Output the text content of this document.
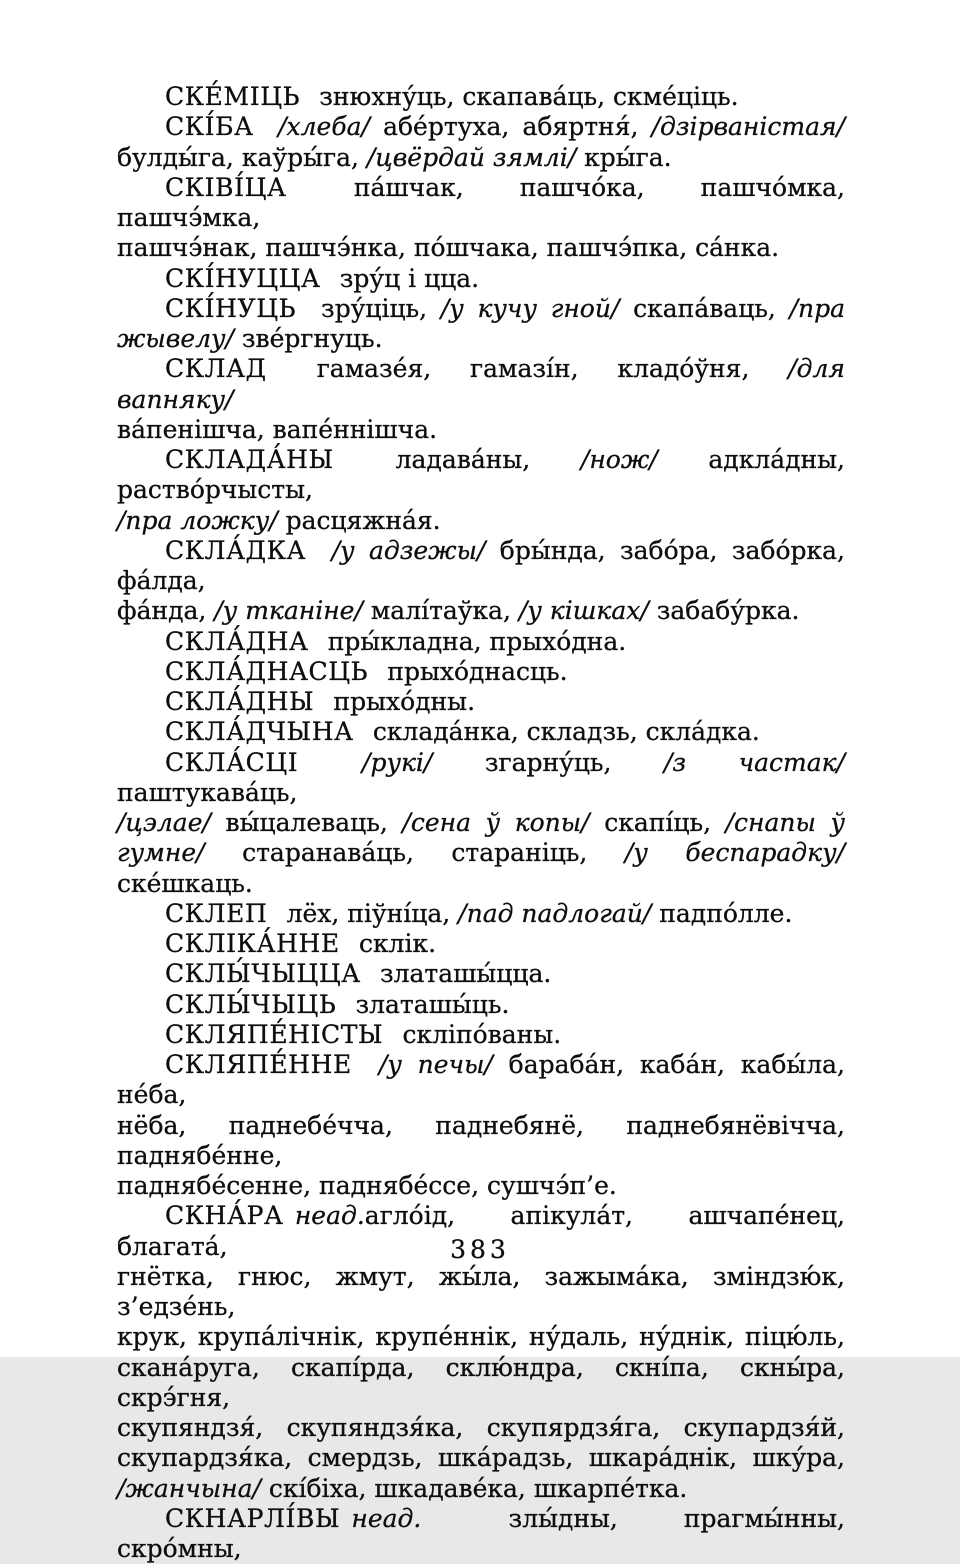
СКЕ́МІЦЬ знюхну́ць, скапава́ць, скме́ціць.
СКІ́БА /хлеба/ абе́ртуха, абяртня́, /дзірваністая/
булды́га, каўры́га, /цвёрдай зямлі/ кры́га.
СКІВІ́ЦА па́шчак, пашчо́ка, пашчо́мка, пашчэ́мка,
пашчэ́нак, пашчэ́нка, по́шчака, пашчэ́пка, са́нка.
СКІ́НУЦЦА зру́ц і цца.
СКІ́НУЦЬ зру́ціць, /у кучу гной/ скапа́ваць, /пра
жывелу/ зве́ргнуць.
СКЛАД гамазе́я, гамазі́н, кладо́ўня, /для вапняку/
ва́пенішча, вапе́ннішча.
СКЛАДА́НЫ ладава́ны, /нож/ адкла́дны, раство́рчысты,
/пра ложку/ расцяжна́я.
СКЛА́ДКА /у адзежы/ бры́нда, забо́ра, забо́рка, фа́лда,
фа́нда, /у тканіне/ малі́таўка, /у кішках/ забабу́рка.
СКЛА́ДНА пры́кладна, прыхо́дна.
СКЛА́ДНАСЦЬ прыхо́днасць.
СКЛА́ДНЫ прыхо́дны.
СКЛА́ДЧЫНА склада́нка, складзь, скла́дка.
СКЛА́СЦІ /рукі/ згарну́ць, /з частак/ паштукава́ць,
/цэлае/ вы́цалеваць, /сена ў копы/ скапі́ць, /снапы ў
гумне/ старанава́ць, стараніць, /у беспарадку/ ске́шкаць.
СКЛЕП лёх, піўні́ца, /пад падлогай/ падпо́лле.
СКЛІКА́ННЕ склік.
СКЛЫ́ЧЫЦЦА златашы́цца.
СКЛЫ́ЧЫЦЬ златашы́ць.
СКЛЯПЕ́НІСТЫ скліпо́ваны.
СКЛЯПЕ́ННЕ /у печы/ бараба́н, каба́н, кабы́ла, не́ба,
нёба, паднебе́чча, паднебянё, паднебянёвічча, паднябе́нне,
паднябе́сенне, паднябе́ссе, сушчэ́п’е.
СКНА́РА неад.агло́ід, апікула́т, ашчапе́нец, благата́,
гнётка, гнюс, жмут, жы́ла, зажыма́ка, зміндзю́к, з’едзе́нь,
крук, крупа́лічнік, крупе́ннік, ну́даль, ну́днік, піцю́ль,
скана́руга, скапі́рда, склю́ндра, скні́па, скны́ра, скрэ́гня,
скупяндзя́, скупяндзя́ка, скупярдзя́га, скупардзя́й,
скупардзя́ка, смердзь, шка́радзь, шкара́днік, шку́ра,
/жанчына/ скі́біха, шкадаве́ка, шкарпе́тка.
СКНАРЛІ́ВЫ неад. злы́дны, прагмы́нны, скро́мны,
383
